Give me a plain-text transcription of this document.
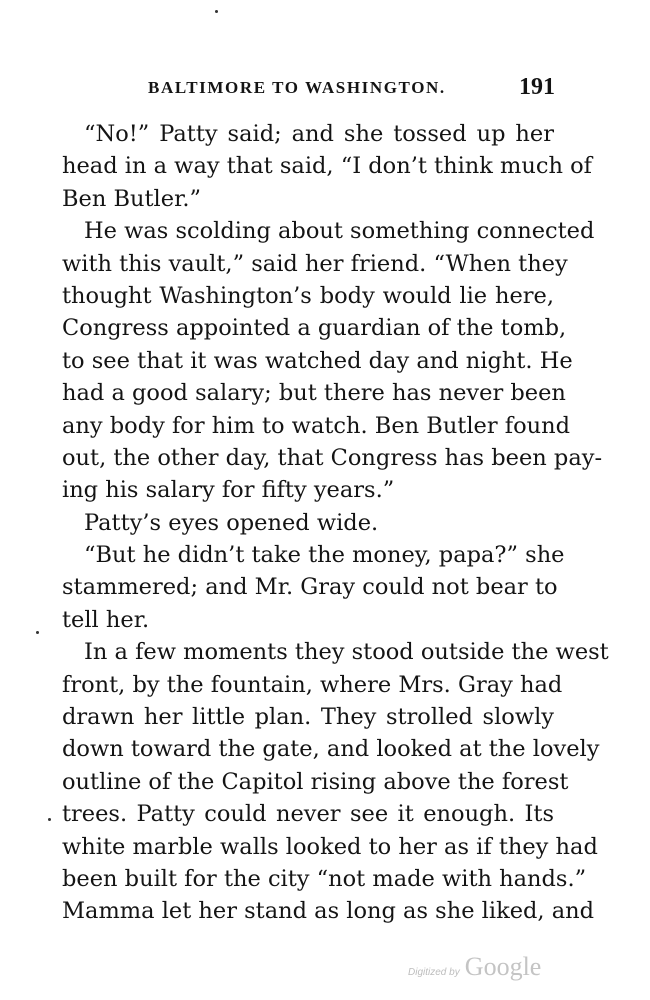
BALTIMORE TO WASHINGTON.	191
“No!” Patty said; and she tossed up her
head in a way that said, “I don’t think much of
Ben Butler.”
He was scolding about something connected
with this vault,” said her friend. “When they
thought Washington’s body would lie here,
Congress appointed a guardian of the tomb,
to see that it was watched day and night. He
had a good salary; but there has never been
any body for him to watch. Ben Butler found
out, the other day, that Congress has been pay-
ing his salary for fifty years.”
Patty’s eyes opened wide.
“But he didn’t take the money, papa?” she
stammered; and Mr. Gray could not bear to
tell her.
In a few moments they stood outside the west
front, by the fountain, where Mrs. Gray had
drawn her little plan. They strolled slowly
down toward the gate, and looked at the lovely
outline of the Capitol rising above the forest
trees. Patty could never see it enough. Its
white marble walls looked to her as if they had
been built for the city “not made with hands.”
Mamma let her stand as long as she liked, and
Digitized by Google
